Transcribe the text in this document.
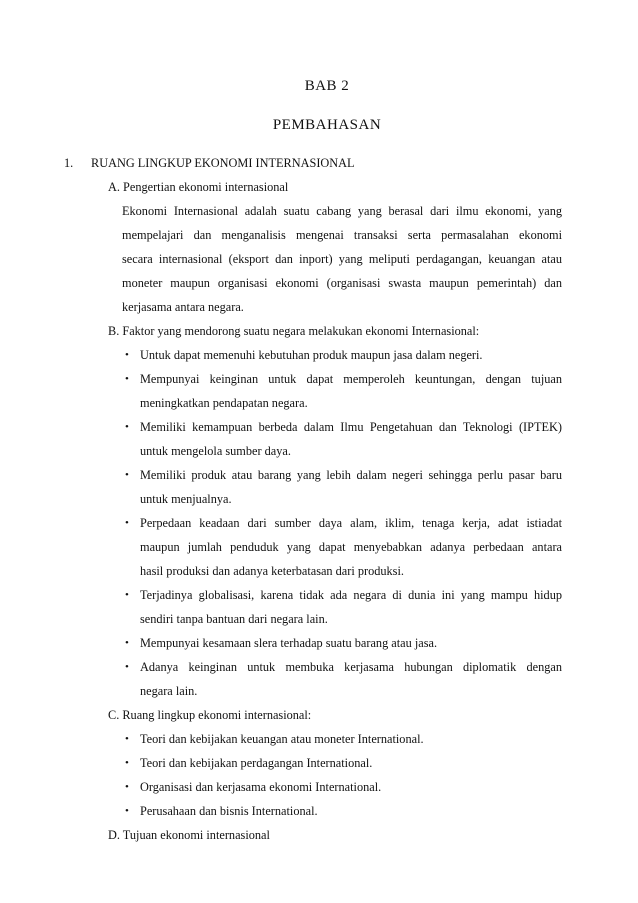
BAB 2
PEMBAHASAN
1. RUANG LINGKUP EKONOMI INTERNASIONAL
A. Pengertian ekonomi internasional
Ekonomi Internasional adalah suatu cabang yang berasal dari ilmu ekonomi, yang
mempelajari dan menganalisis mengenai transaksi serta permasalahan ekonomi
secara internasional (eksport dan inport) yang meliputi perdagangan, keuangan atau
moneter maupun organisasi ekonomi (organisasi swasta maupun pemerintah) dan
kerjasama antara negara.
B. Faktor yang mendorong suatu negara melakukan ekonomi Internasional:
• Untuk dapat memenuhi kebutuhan produk maupun jasa dalam negeri.
• Mempunyai keinginan untuk dapat memperoleh keuntungan, dengan tujuan
meningkatkan pendapatan negara.
• Memiliki kemampuan berbeda dalam Ilmu Pengetahuan dan Teknologi (IPTEK)
untuk mengelola sumber daya.
• Memiliki produk atau barang yang lebih dalam negeri sehingga perlu pasar baru
untuk menjualnya.
• Perpedaan keadaan dari sumber daya alam, iklim, tenaga kerja, adat istiadat
maupun jumlah penduduk yang dapat menyebabkan adanya perbedaan antara
hasil produksi dan adanya keterbatasan dari produksi.
• Terjadinya globalisasi, karena tidak ada negara di dunia ini yang mampu hidup
sendiri tanpa bantuan dari negara lain.
• Mempunyai kesamaan slera terhadap suatu barang atau jasa.
• Adanya keinginan untuk membuka kerjasama hubungan diplomatik dengan
negara lain.
C. Ruang lingkup ekonomi internasional:
• Teori dan kebijakan keuangan atau moneter International.
• Teori dan kebijakan perdagangan International.
• Organisasi dan kerjasama ekonomi International.
• Perusahaan dan bisnis International.
D. Tujuan ekonomi internasional
